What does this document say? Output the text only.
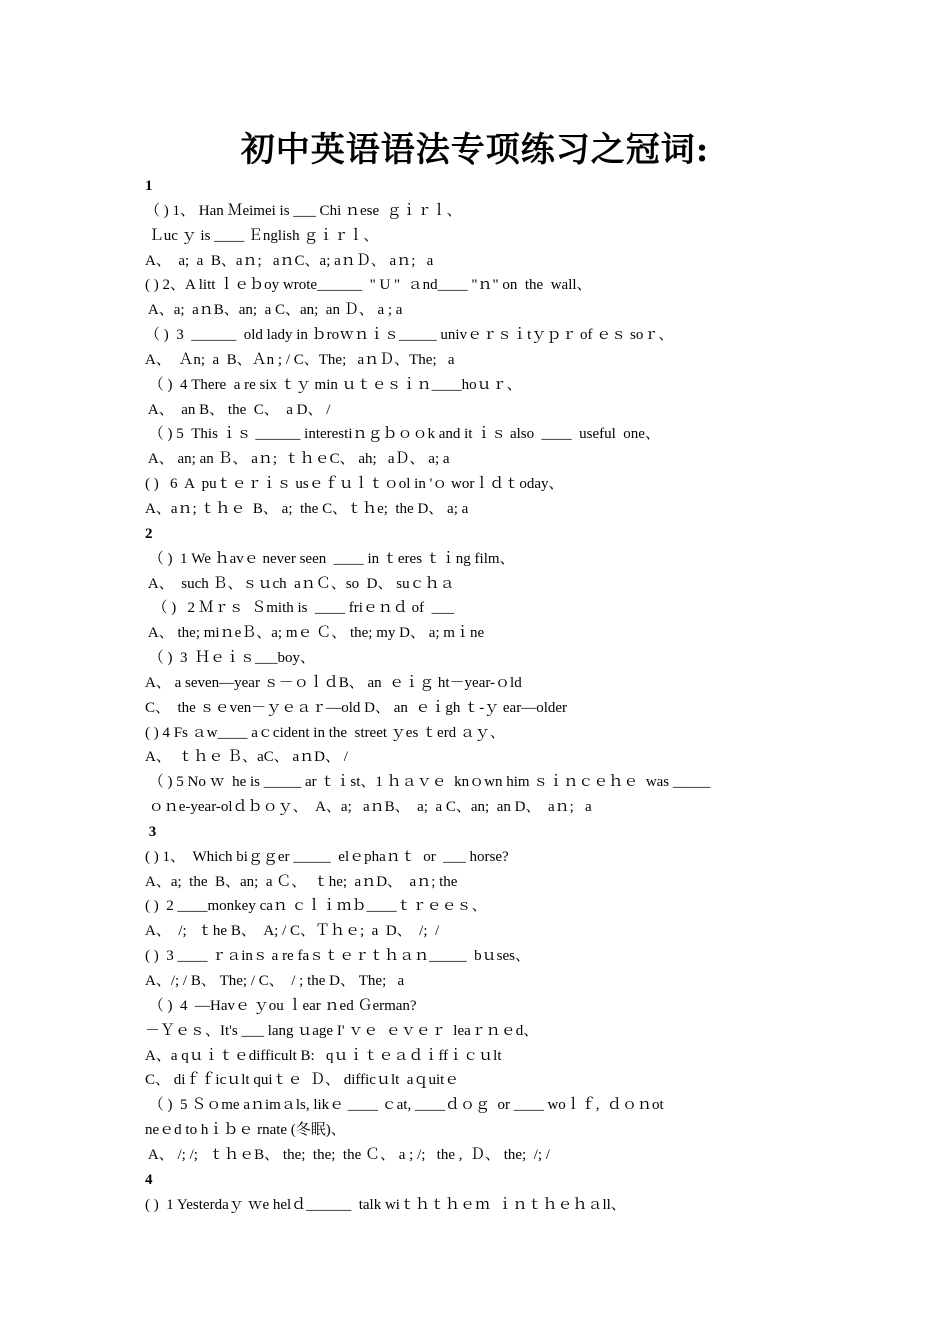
初中英语语法专项练习之冠词:
1
（ ) 1、 Han Ｍeimei is ___ Chi ｎese  ｇｉｒｌ、
Ｌuc ｙ is ____ Ｅnglish ｇｉｒｌ、
A、  a;  a  B、aｎ;   aｎC、a; aｎＤ、 aｎ;   a
( ) 2、A litt ｌｅｂoy wrote______  " U "  ａnd____ "ｎ" on  the  wall、
A、a;  aｎB、an;  a C、an;  an Ｄ、 a ; a
（ )  3  ______  old lady in ｂroｗｎｉｓ_____ univｅｒｓｉtｙｐｒ of ｅｓ soｒ、
A、  Ａn;  a  B、Ａn ; / C、The;   aｎＤ、The;   a
（ )  4 There  a re six ｔｙ min ｕｔｅｓｉｎ____hoｕｒ、
A、  an B、 the  C、  a D、 /
（ ) 5  This ｉｓ ______ interestiｎｇｂｏｏk and it ｉｓ also  ____  useful  one、
A、 an; an Ｂ、 aｎ;  ｔｈｅC、 ah;   aＤ、 a; a
( )   6  A  puｔｅｒｉｓ usｅｆｕｌｔｏol in 'ｏ worｌｄｔoday、
A、aｎ; ｔｈｅ  B、 a;  the C、ｔｈe;  the D、 a; a
2
（ )  1 We ｈavｅ never seen  ____ in ｔeres ｔｉng film、
A、  such Ｂ、ｓｕch  aｎＣ、so  D、 suｃｈａ
（ )   2 Ｍｒｓ  Ｓmith is  ____ friｅｎｄ of  ___
A、 the; miｎeＢ、a; mｅ Ｃ、 the; my D、 a; mｉne
（ )  3  Ｈｅｉｓ___boy、
A、 a seven—year ｓ－ｏｌｄB、 an  ｅｉｇ ht－year-ｏld
C、  the ｓｅven－ｙｅａｒ—old D、 an  ｅｉgh ｔ-ｙ ear—older
( ) 4 Fs ａw____ aｃcident in the  street ｙes ｔerd ａｙ、
A、  ｔｈｅ Ｂ、aC、 aｎD、 /
（ ) 5 No ｗ  he is _____ ar ｔｉst、1 ｈａｖｅ  knｏwn him ｓｉｎｃｅｈｅ  was _____
ｏｎe-year-olｄｂｏｙ、  A、a;   aｎB、  a;  a C、an;  an D、  aｎ;   a
3
( ) 1、  Which biｇｇer _____  elｅphaｎｔ  or  ___ horse?
A、a;  the  B、an;  a Ｃ、  ｔhe;  aｎD、  aｎ; the
( )  2 ____monkey caｎ ｃｌｉｍｂ____ｔｒｅｅｓ、
A、  /;   ｔhe B、  A; / C、Ｔｈｅ;  a  D、  /;  /
( )  3 ____ ｒａinｓ a re faｓｔｅｒｔｈａｎ_____  bｕses、
A、/; / B、 The; / C、  / ; the D、 The;   a
（ )  4  —Havｅ ｙou ｌear ｎed Ｇerman?
－Ｙｅｓ、It's ___ lang ｕage I' ｖｅ  ｅｖｅｒ  leaｒｎｅd、
A、a qｕｉｔｅdifficult B:   qｕｉｔｅａｄｉffｉｃｕlt
C、 diｆｆicｕlt quiｔｅ  Ｄ、 difficｕlt  aｑuitｅ
（ )  5 Ｓｏme aｎimａls, likｅ ____ ｃat, ____ｄｏｇ  or ____ woｌｆ,  ｄｏｎot
neｅd to hｉｂｅ rnate (冬眠)、
A、 /; /;   ｔｈｅB、 the;  the;  the Ｃ、 a ; /;   the ,  Ｄ、 the;  /; /
4
( )  1 Yesterdaｙ ｗe helｄ______  talk wiｔｈｔｈｅｍ  ｉｎｔｈｅｈａll、
